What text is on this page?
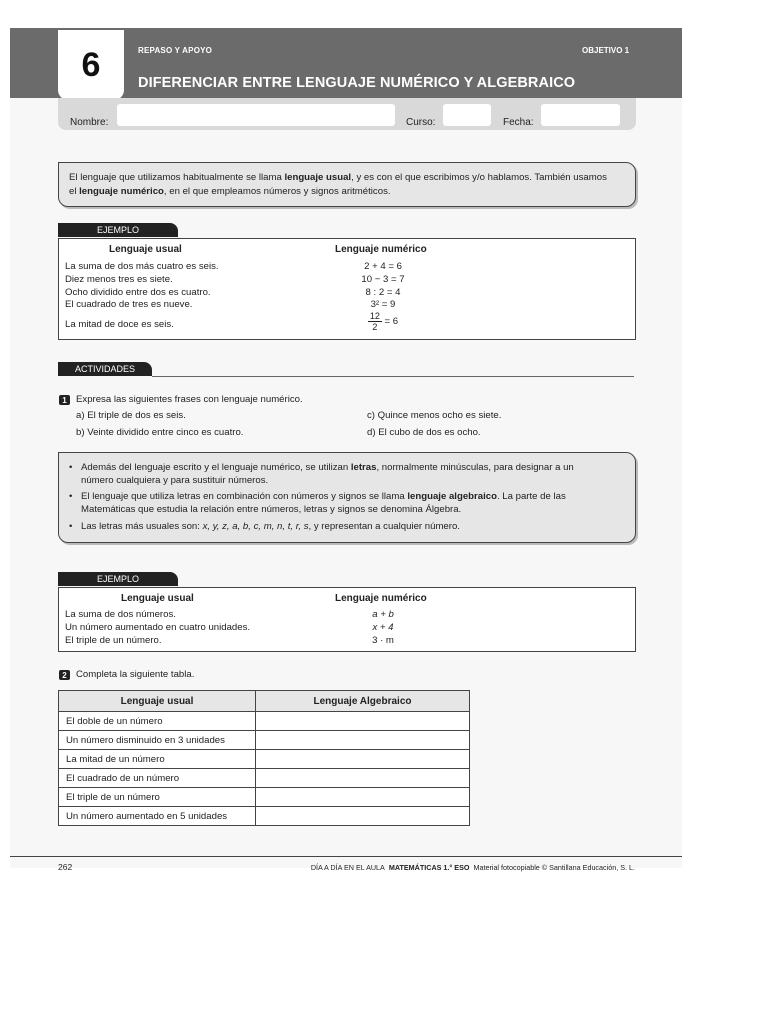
6	REPASO Y APOYO	OBJETIVO 1
DIFERENCIAR ENTRE LENGUAJE NUMÉRICO Y ALGEBRAICO
Nombre:	Curso:	Fecha:

El lenguaje que utilizamos habitualmente se llama lenguaje usual, y es con el que escribimos y/o hablamos. También usamos

el lenguaje numérico, en el que empleamos números y signos aritméticos.

EJEMPLO
Lenguaje usual	Lenguaje numérico
La suma de dos más cuatro es seis.	2 + 4 = 6
Diez menos tres es siete.	10 − 3 = 7
Ocho dividido entre dos es cuatro.	8 : 2 = 4
El cuadrado de tres es nueve.	3² = 9
La mitad de doce es seis.	$\frac{12}{2} = 6$
ACTIVIDADES
1 Expresa las siguientes frases con lenguaje numérico.
a) El triple de dos es seis.
b) Veinte dividido entre cinco es cuatro.
c) Quince menos ocho es siete.
d) El cubo de dos es ocho.
• Además del lenguaje escrito y el lenguaje numérico, se utilizan letras, normalmente minúsculas, para designar a un
número cualquiera y para sustituir números.
• El lenguaje que utiliza letras en combinación con números y signos se llama lenguaje algebraico. La parte de las
Matemáticas que estudia la relación entre números, letras y signos se denomina Álgebra.
• Las letras más usuales son: x, y, z, a, b, c, m, n, t, r, s, y representan a cualquier número.
EJEMPLO
Lenguaje usual	Lenguaje numérico
La suma de dos números.	a + b
Un número aumentado en cuatro unidades.	x + 4
El triple de un número.	3 · m
2 Completa la siguiente tabla.
Lenguaje usual	Lenguaje Algebraico
El doble de un número	
Un número disminuido en 3 unidades	
La mitad de un número	
El cuadrado de un número	
El triple de un número	
Un número aumentado en 5 unidades	
262	DÍA A DÍA EN EL AULA MATEMÁTICAS 1.° ESO Material fotocopiable © Santillana Educación, S. L.
